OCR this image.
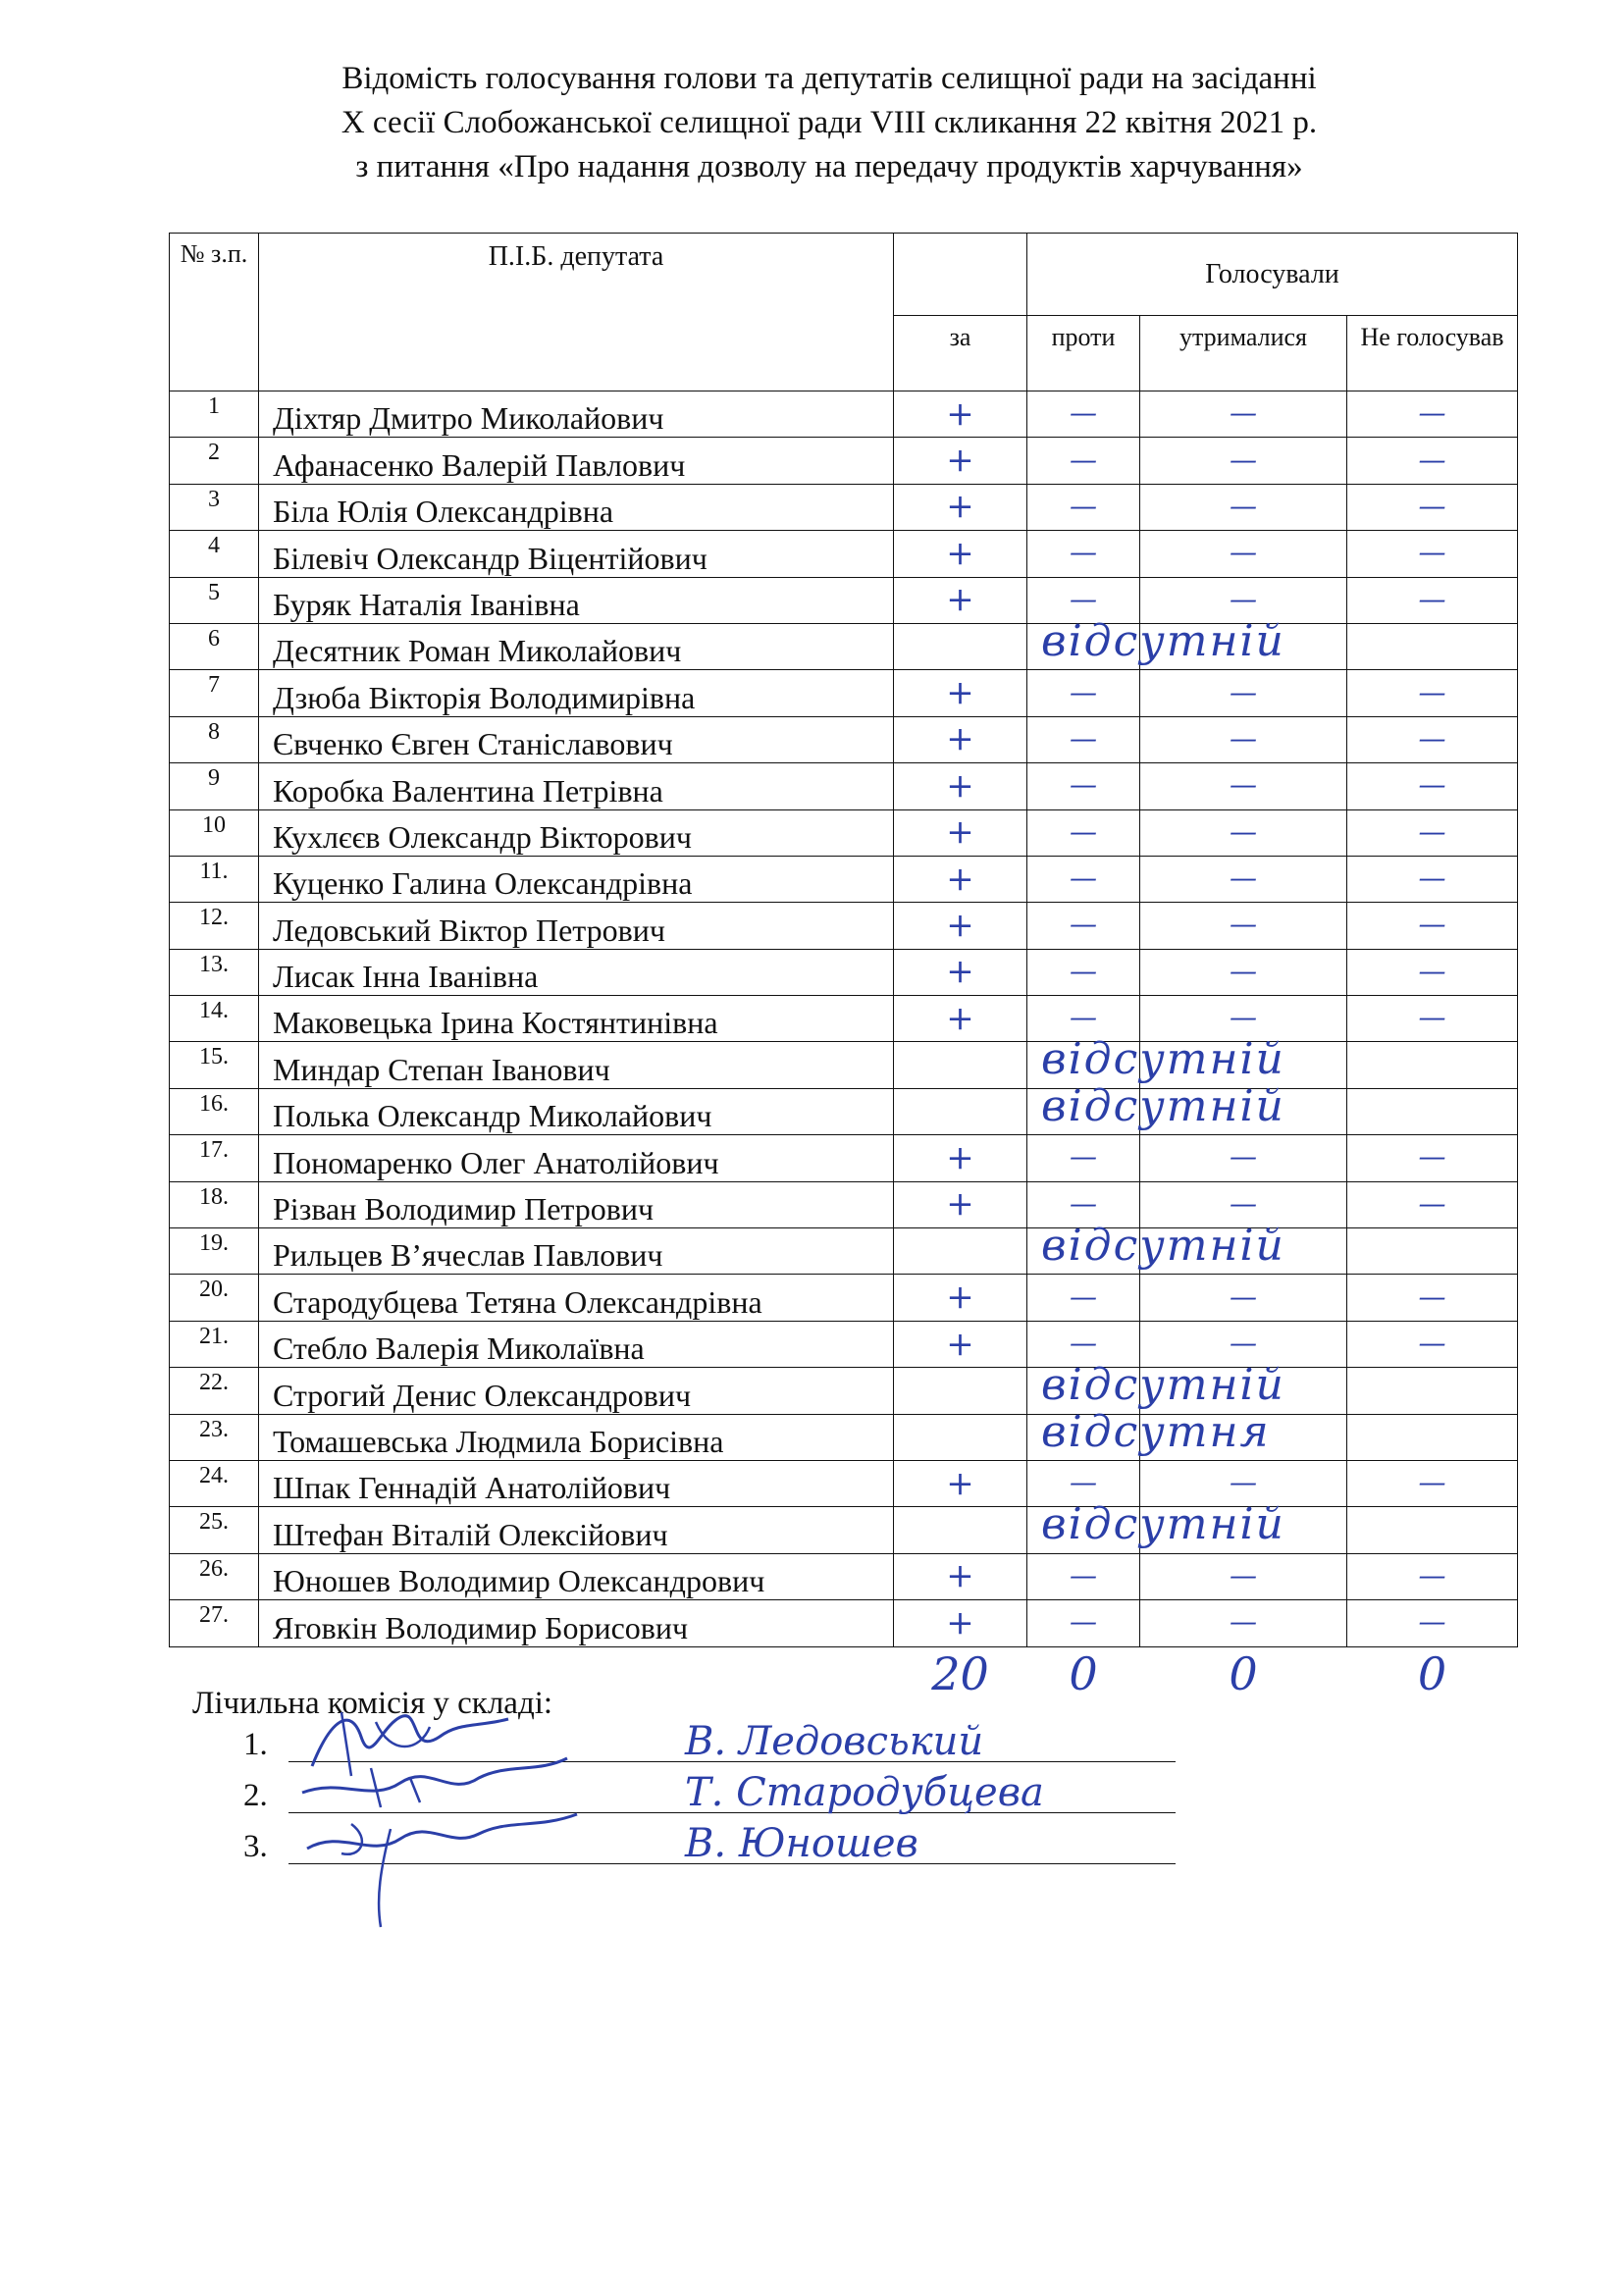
Відомість голосування голови та депутатів селищної ради на засіданні
X сесії Слобожанської селищної ради VIII скликання 22 квітня 2021 р.
з питання «Про надання дозволу на передачу продуктів харчування»
№ з.п.	П.І.Б. депутата		Голосували		
		за	проти	утрималися	Не голосував
1	Діхтяр Дмитро Миколайович	+	—	—	—
2	Афанасенко Валерій Павлович	+	—	—	—
3	Біла Юлія Олександрівна	+	—	—	—
4	Білевіч Олександр Віцентійович	+	—	—	—
5	Буряк Наталія Іванівна	+	—	—	—
6	Десятник Роман Миколайович		відсутній		

7	Дзюба Вікторія Володимирівна	+	—	—	—
8	Євченко Євген Станіславович	+	—	—	—
9	Коробка Валентина Петрівна	+	—	—	—
10	Кухлєєв Олександр Вікторович	+	—	—	—
11.	Куценко Галина Олександрівна	+	—	—	—
12.	Ледовський Віктор Петрович	+	—	—	—
13.	Лисак Інна Іванівна	+	—	—	—
14.	Маковецька Ірина Костянтинівна	+	—	—	—
15.	Миндар Степан Іванович		відсутній		

16.	Полька Олександр Миколайович		відсутній		

17.	Пономаренко Олег Анатолійович	+	—	—	—
18.	Різван Володимир Петрович	+	—	—	—
19.	Рильцев В’ячеслав Павлович		відсутній		

20.	Стародубцева Тетяна Олександрівна	+	—	—	—
21.	Стебло Валерія Миколаївна	+	—	—	—
22.	Строгий Денис Олександрович		відсутній		

23.	Томашевська Людмила Борисівна		відсутня		

24.	Шпак Геннадій Анатолійович	+	—	—	—
25.	Штефан Віталій Олексійович		відсутній		

26.	Юношев Володимир Олександрович	+	—	—	—
27.	Яговкін Володимир Борисович	+	—	—	—
		20	0	0	0
Лічильна комісія у складі:
1.	В. Ледовський
2.	Т. Стародубцева
3.	В. Юношев
